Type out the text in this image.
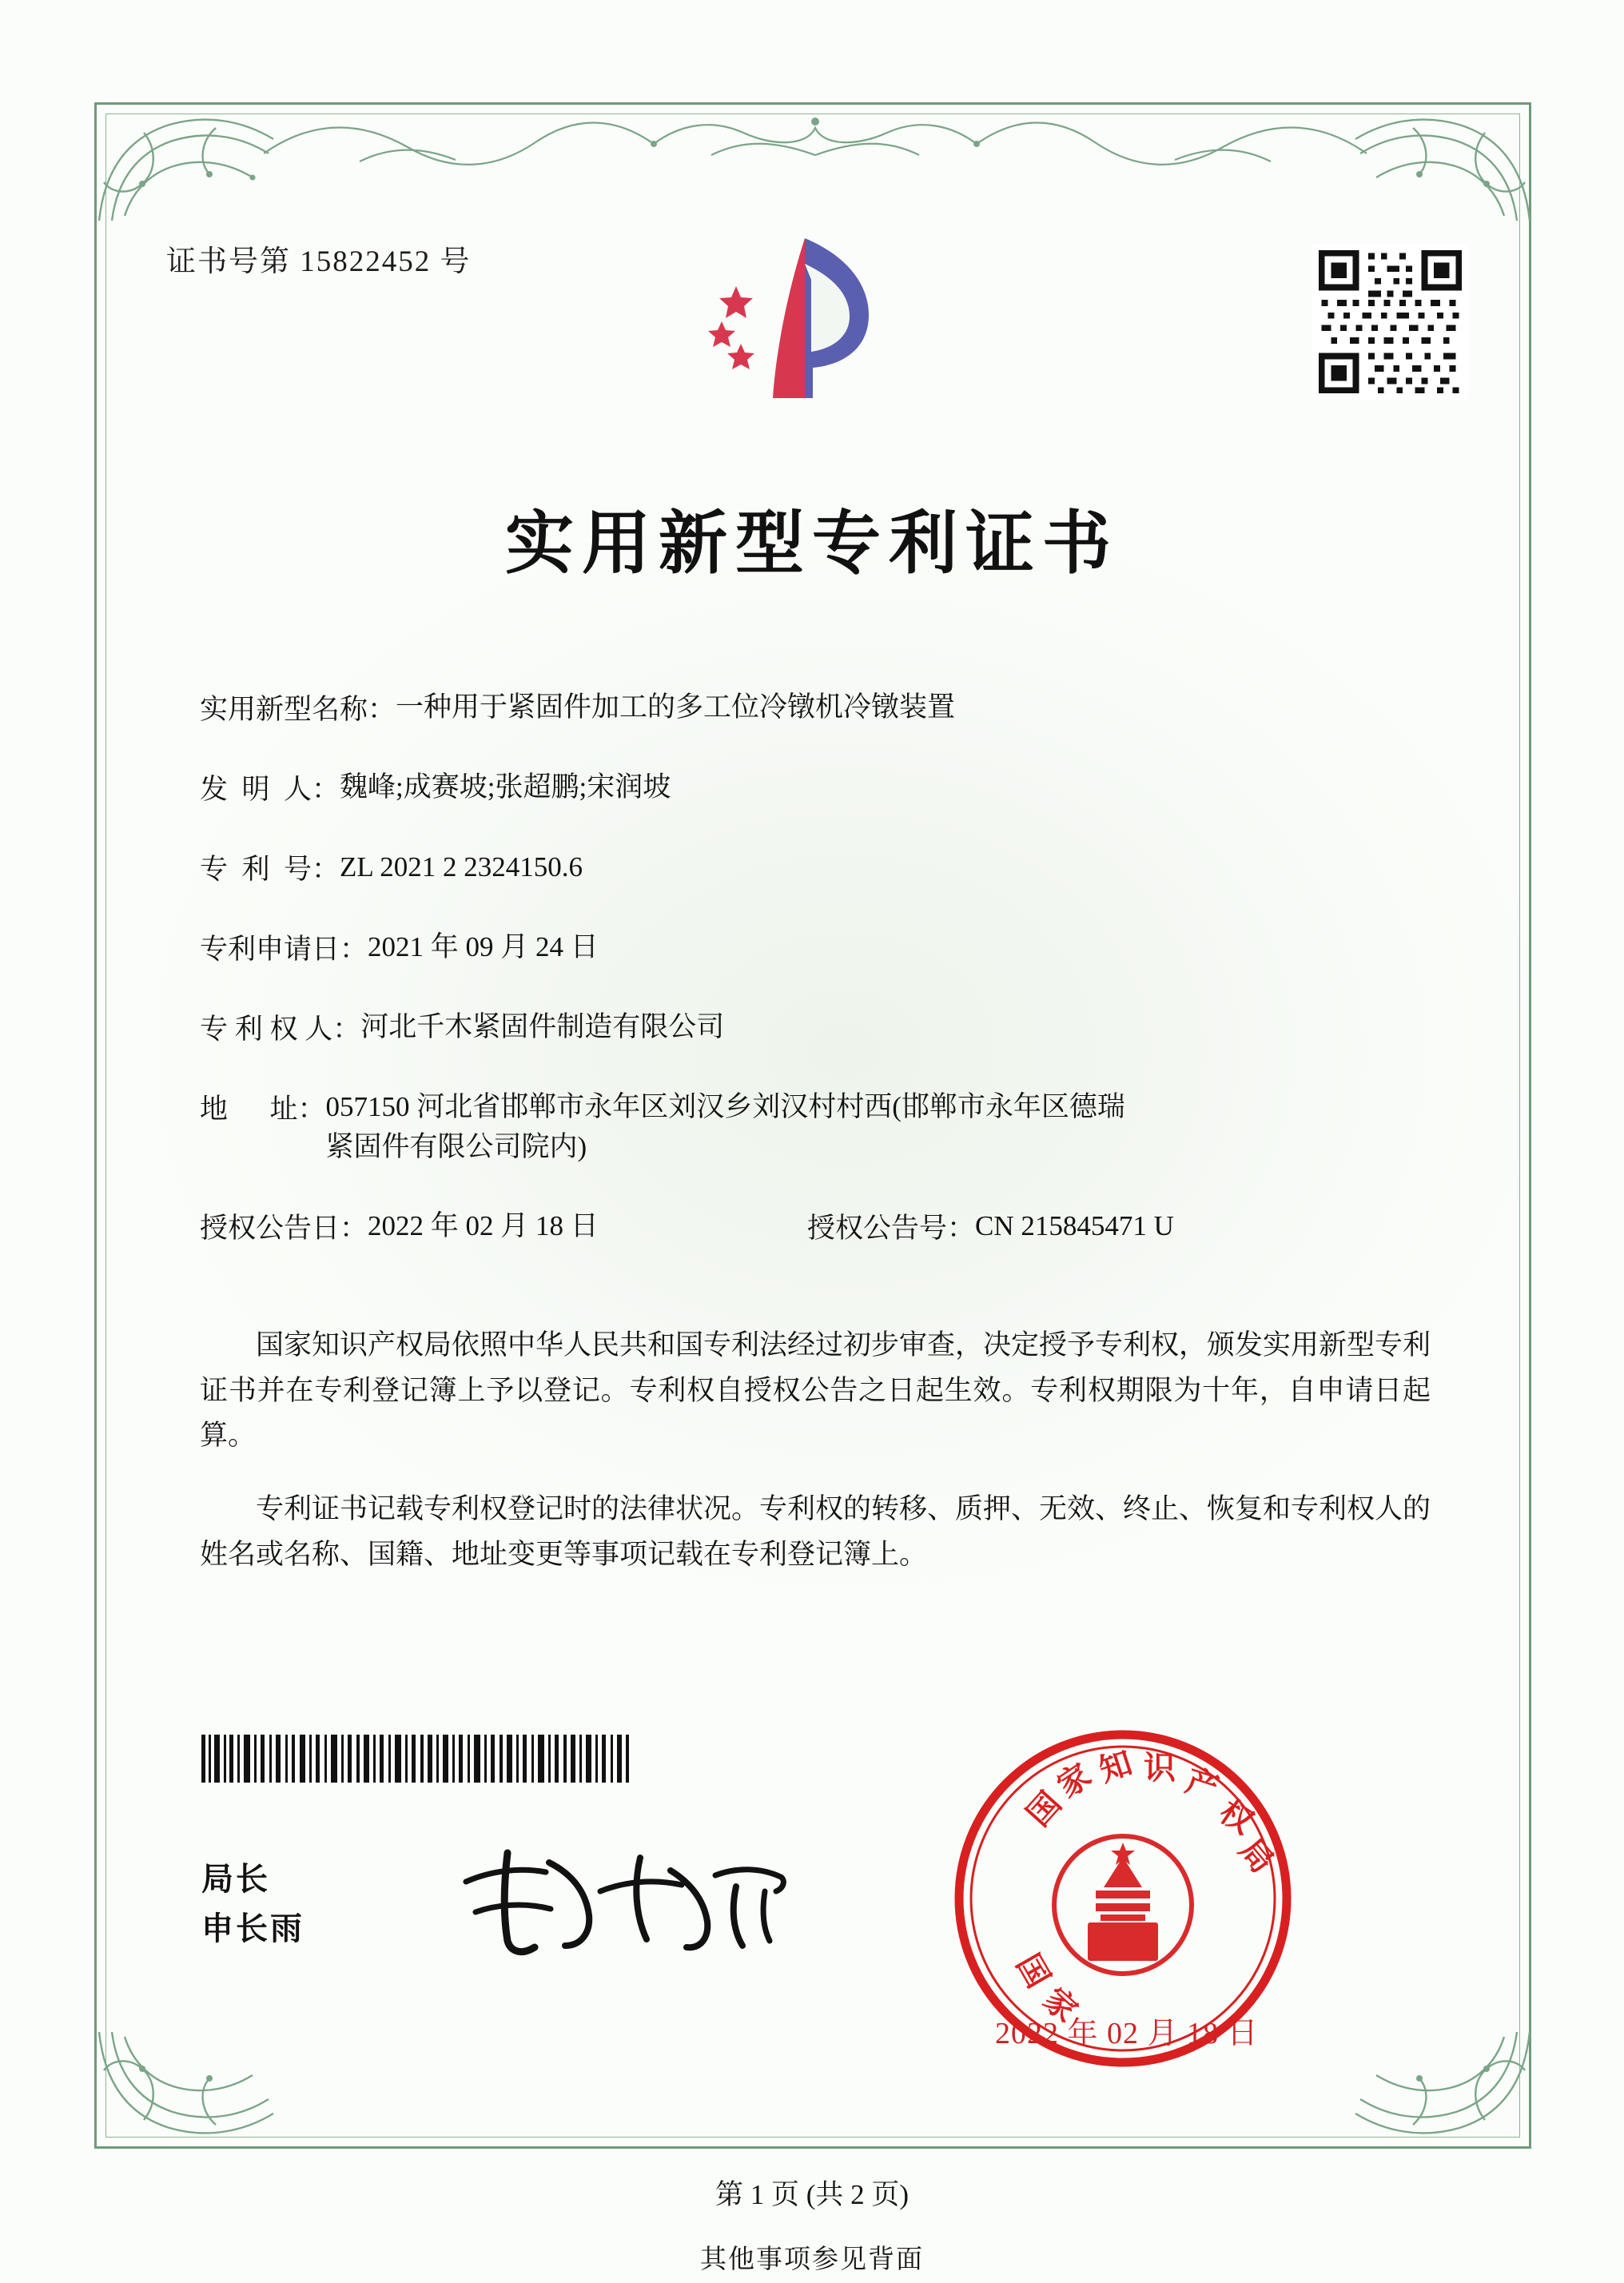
证书号第 15822452 号
实用新型专利证书
实用新型名称： 一种用于紧固件加工的多工位冷镦机冷镦装置
发  明  人： 魏峰;成赛坡;张超鹏;宋润坡
专  利  号： ZL 2021 2 2324150.6
专利申请日： 2021 年 09 月 24 日
专 利 权 人： 河北千木紧固件制造有限公司
地      址： 057150 河北省邯郸市永年区刘汉乡刘汉村村西(邯郸市永年区德瑞紧固件有限公司院内)
授权公告日： 2022 年 02 月 18 日	授权公告号： CN 215845471 U

国家知识产权局依照中华人民共和国专利法经过初步审查，决定授予专利权，颁发实用新型专利证书并在专利登记簿上予以登记。专利权自授权公告之日起生效。专利权期限为十年，自申请日起算。

专利证书记载专利权登记时的法律状况。专利权的转移、质押、无效、终止、恢复和专利权人的姓名或名称、国籍、地址变更等事项记载在专利登记簿上。

局长
申长雨
国
家
知 识 产
权
局
国
家
2022 年 02 月 18 日
第 1 页 (共 2 页)
其他事项参见背面
